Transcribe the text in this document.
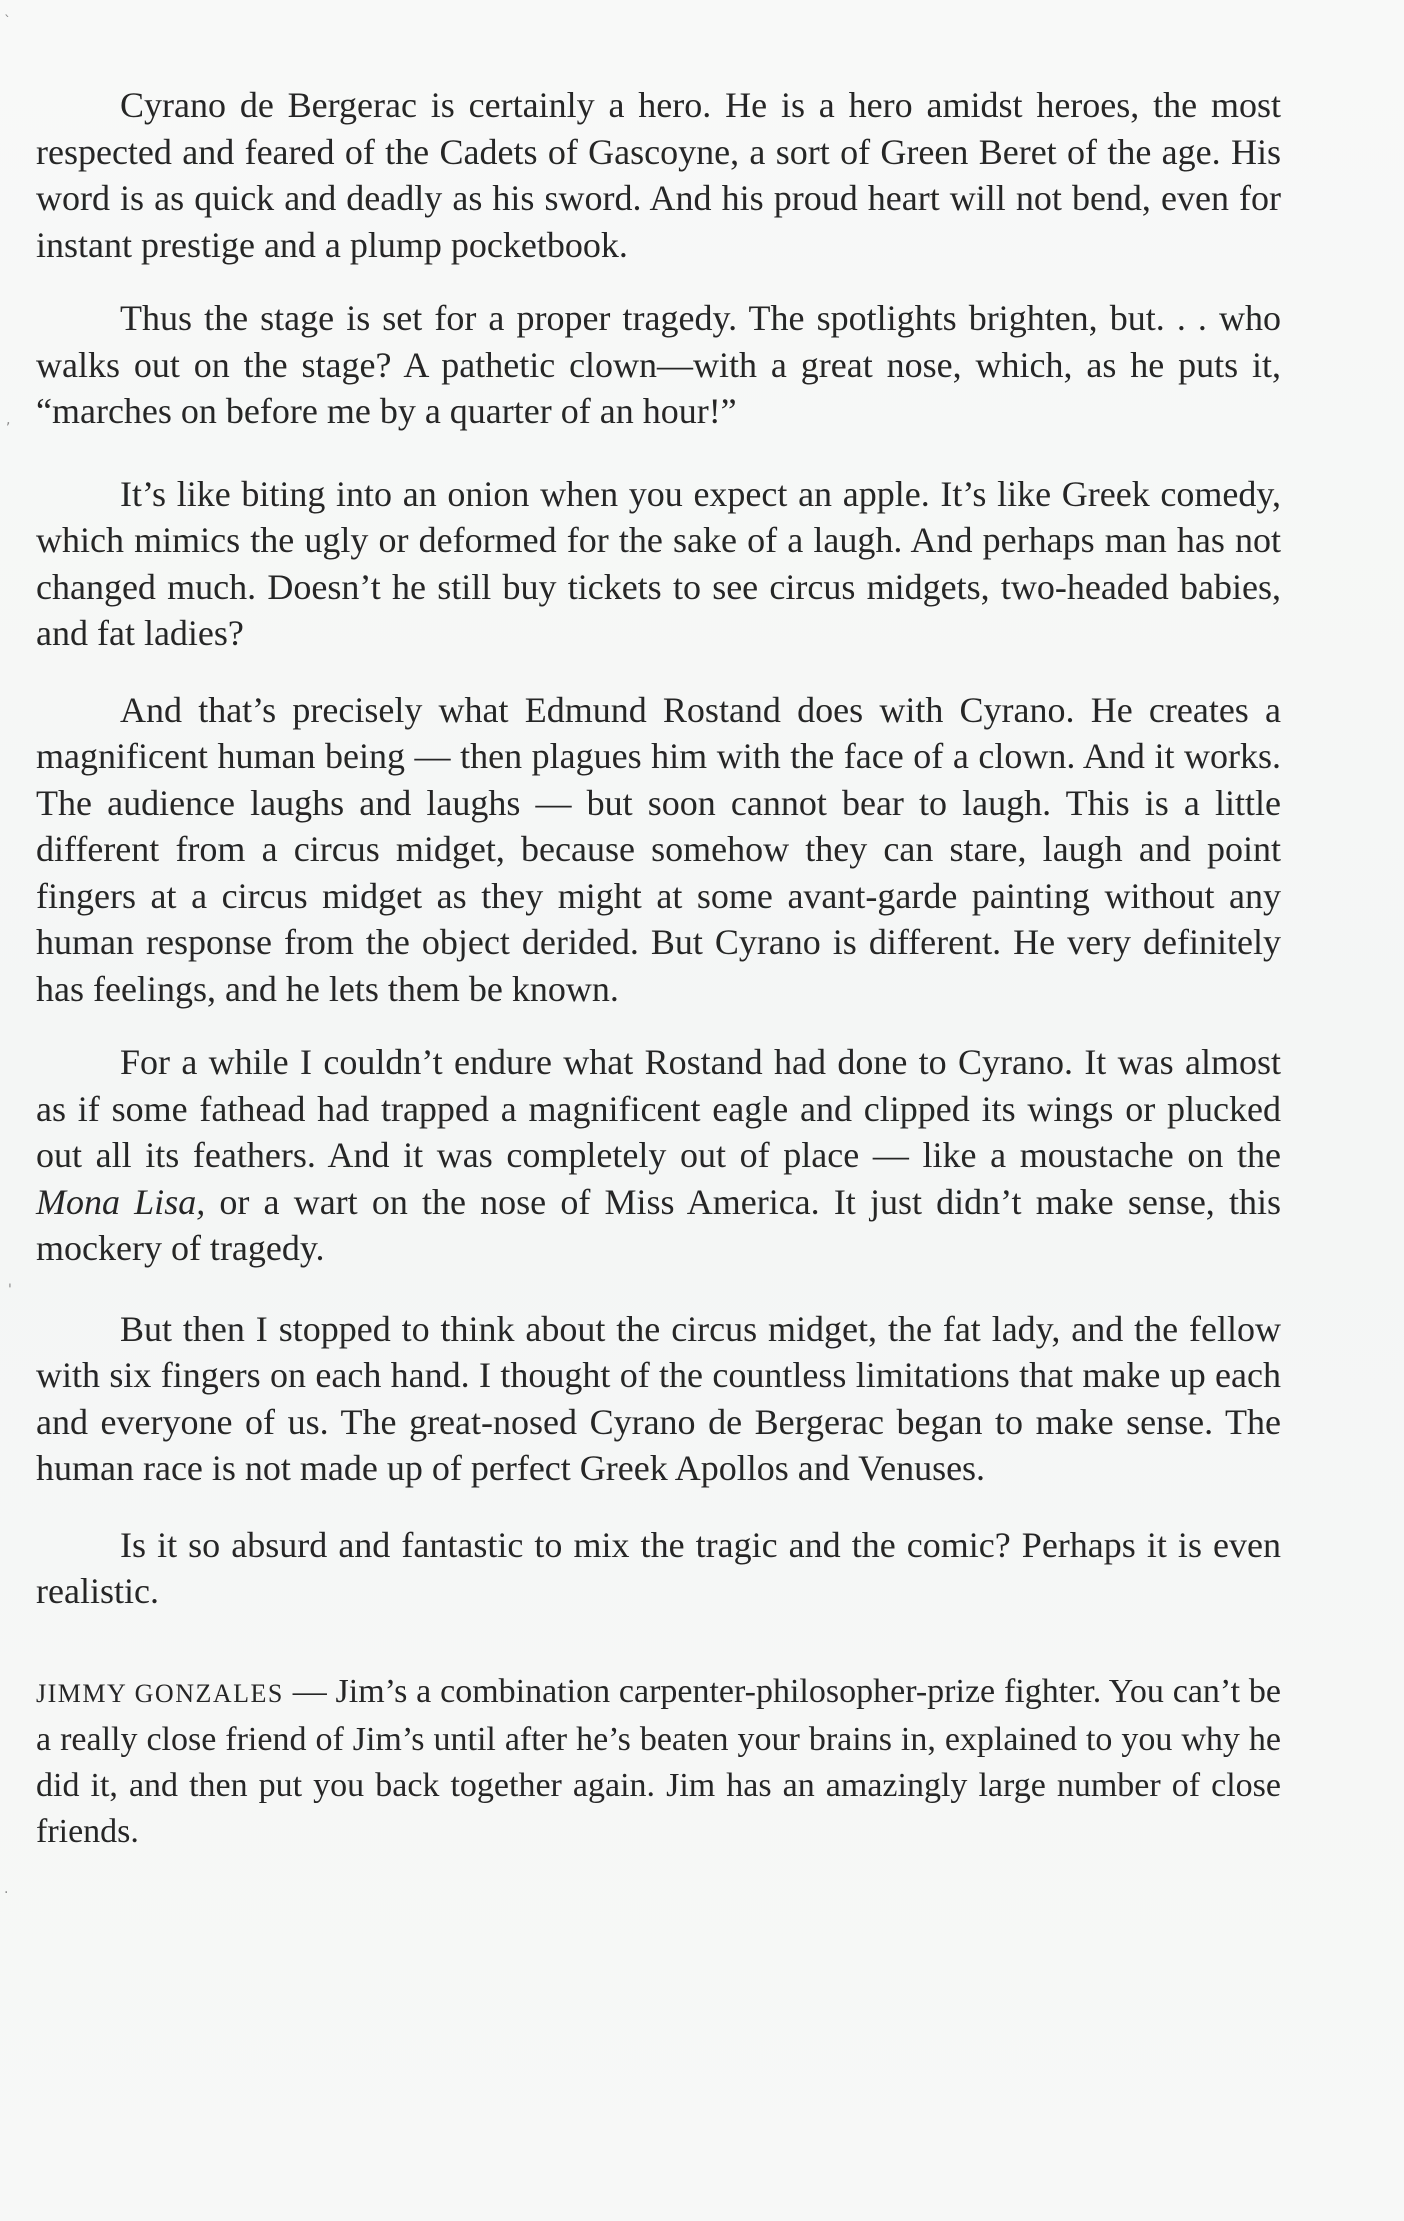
`
,
'
·

Cyrano de Bergerac is certainly a hero. He is a hero amidst heroes, the most respected and feared of the Cadets of Gascoyne, a sort of Green Beret of the age. His word is as quick and deadly as his sword. And his proud heart will not bend, even for instant prestige and a plump pocketbook.

Thus the stage is set for a proper tragedy. The spotlights brighten, but. . . who walks out on the stage? A pathetic clown—with a great nose, which, as he puts it, “marches on before me by a quarter of an hour!”

It’s like biting into an onion when you expect an apple. It’s like Greek comedy, which mimics the ugly or deformed for the sake of a laugh. And perhaps man has not changed much. Doesn’t he still buy tickets to see circus midgets, two-headed babies, and fat ladies?

And that’s precisely what Edmund Rostand does with Cyrano. He creates a magnificent human being — then plagues him with the face of a clown. And it works. The audience laughs and laughs — but soon cannot bear to laugh. This is a little different from a circus midget, because somehow they can stare, laugh and point fingers at a circus midget as they might at some avant-garde painting without any human response from the object derided. But Cyrano is different. He very definitely has feelings, and he lets them be known.

For a while I couldn’t endure what Rostand had done to Cyrano. It was almost as if some fathead had trapped a magnificent eagle and clipped its wings or plucked out all its feathers. And it was completely out of place — like a moustache on the Mona Lisa, or a wart on the nose of Miss America. It just didn’t make sense, this mockery of tragedy.

But then I stopped to think about the circus midget, the fat lady, and the fellow with six fingers on each hand. I thought of the countless limitations that make up each and everyone of us. The great-nosed Cyrano de Bergerac began to make sense. The human race is not made up of perfect Greek Apollos and Venuses.

Is it so absurd and fantastic to mix the tragic and the comic? Perhaps it is even realistic.

JIMMY GONZALES — Jim’s a combination carpenter-philosopher-prize fighter. You can’t be a really close friend of Jim’s until after he’s beaten your brains in, explained to you why he did it, and then put you back together again. Jim has an amazingly large number of close friends.
